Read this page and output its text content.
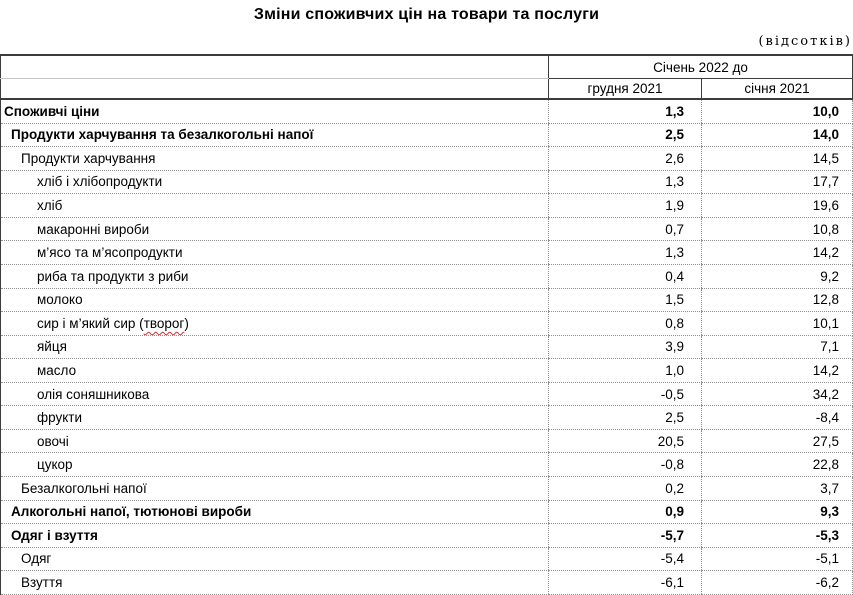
Зміни споживчих цін на товари та послуги
(відсотків)
	Січень 2022 до	
	грудня 2021	січня 2021
Споживчі ціни	1,3	10,0
Продукти харчування та безалкогольні напої	2,5	14,0
Продукти харчування	2,6	14,5
хліб і хлібопродукти	1,3	17,7
хліб	1,9	19,6
макаронні вироби	0,7	10,8
м’ясо та м’ясопродукти	1,3	14,2
риба та продукти з риби	0,4	9,2
молоко	1,5	12,8
сир і м’який сир (творог)	0,8	10,1
яйця	3,9	7,1
масло	1,0	14,2
олія соняшникова	-0,5	34,2
фрукти	2,5	-8,4
овочі	20,5	27,5
цукор	-0,8	22,8
Безалкогольні напої	0,2	3,7
Алкогольні напої, тютюнові вироби	0,9	9,3
Одяг і взуття	-5,7	-5,3
Одяг	-5,4	-5,1
Взуття	-6,1	-6,2
